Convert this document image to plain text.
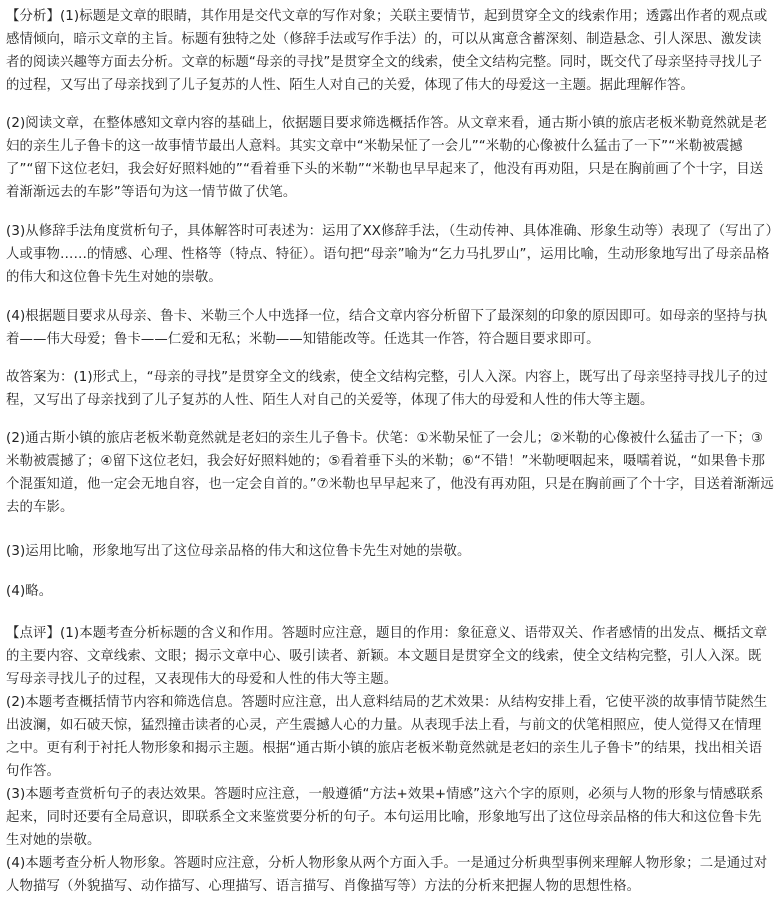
【分析】(1)标题是文章的眼睛，其作用是交代文章的写作对象；关联主要情节，起到贯穿全文的线索作用；透露出作者的观点或感情倾向，暗示文章的主旨。标题有独特之处（修辞手法或写作手法）的，可以从寓意含蓄深刻、制造悬念、引人深思、激发读者的阅读兴趣等方面去分析。文章的标题“母亲的寻找”是贯穿全文的线索，使全文结构完整。同时，既交代了母亲坚持寻找儿子的过程，又写出了母亲找到了儿子复苏的人性、陌生人对自己的关爱，体现了伟大的母爱这一主题。据此理解作答。

(2)阅读文章，在整体感知文章内容的基础上，依据题目要求筛选概括作答。从文章来看，通古斯小镇的旅店老板米勒竟然就是老妇的亲生儿子鲁卡的这一故事情节最出人意料。其实文章中“米勒呆怔了一会儿”“米勒的心像被什么猛击了一下”“米勒被震撼了”“留下这位老妇，我会好好照料她的”“看着垂下头的米勒”“米勒也早早起来了，他没有再劝阻，只是在胸前画了个十字，目送着渐渐远去的车影”等语句为这一情节做了伏笔。

(3)从修辞手法角度赏析句子，具体解答时可表述为：运用了XX修辞手法，（生动传神、具体准确、形象生动等）表现了（写出了）人或事物……的情感、心理、性格等（特点、特征）。语句把“母亲”喻为“乞力马扎罗山”，运用比喻，生动形象地写出了母亲品格的伟大和这位鲁卡先生对她的崇敬。

(4)根据题目要求从母亲、鲁卡、米勒三个人中选择一位，结合文章内容分析留下了最深刻的印象的原因即可。如母亲的坚持与执着——伟大母爱；鲁卡——仁爱和无私；米勒——知错能改等。任选其一作答，符合题目要求即可。

故答案为：(1)形式上，“母亲的寻找”是贯穿全文的线索，使全文结构完整，引人入深。内容上，既写出了母亲坚持寻找儿子的过程，又写出了母亲找到了儿子复苏的人性、陌生人对自己的关爱等，体现了伟大的母爱和人性的伟大等主题。

(2)通古斯小镇的旅店老板米勒竟然就是老妇的亲生儿子鲁卡。伏笔：①米勒呆怔了一会儿；②米勒的心像被什么猛击了一下；③米勒被震撼了；④留下这位老妇，我会好好照料她的；⑤看着垂下头的米勒；⑥“不错！”米勒哽咽起来，嗫嚅着说，“如果鲁卡那个混蛋知道，他一定会无地自容，也一定会自首的。”⑦米勒也早早起来了，他没有再劝阻，只是在胸前画了个十字，目送着渐渐远去的车影。

(3)运用比喻，形象地写出了这位母亲品格的伟大和这位鲁卡先生对她的崇敬。

(4)略。

【点评】(1)本题考查分析标题的含义和作用。答题时应注意，题目的作用：象征意义、语带双关、作者感情的出发点、概括文章的主要内容、文章线索、文眼；揭示文章中心、吸引读者、新颖。本文题目是贯穿全文的线索，使全文结构完整，引人入深。既写母亲寻找儿子的过程，又表现伟大的母爱和人性的伟大等主题。

(2)本题考查概括情节内容和筛选信息。答题时应注意，出人意料结局的艺术效果：从结构安排上看，它使平淡的故事情节陡然生出波澜，如石破天惊，猛烈撞击读者的心灵，产生震撼人心的力量。从表现手法上看，与前文的伏笔相照应，使人觉得又在情理之中。更有利于衬托人物形象和揭示主题。根据“通古斯小镇的旅店老板米勒竟然就是老妇的亲生儿子鲁卡”的结果，找出相关语句作答。

(3)本题考查赏析句子的表达效果。答题时应注意，一般遵循“方法+效果+情感”这六个字的原则，必须与人物的形象与情感联系起来，同时还要有全局意识，即联系全文来鉴赏要分析的句子。本句运用比喻，形象地写出了这位母亲品格的伟大和这位鲁卡先生对她的崇敬。

(4)本题考查分析人物形象。答题时应注意，分析人物形象从两个方面入手。一是通过分析典型事例来理解人物形象；二是通过对人物描写（外貌描写、动作描写、心理描写、语言描写、肖像描写等）方法的分析来把握人物的思想性格。
